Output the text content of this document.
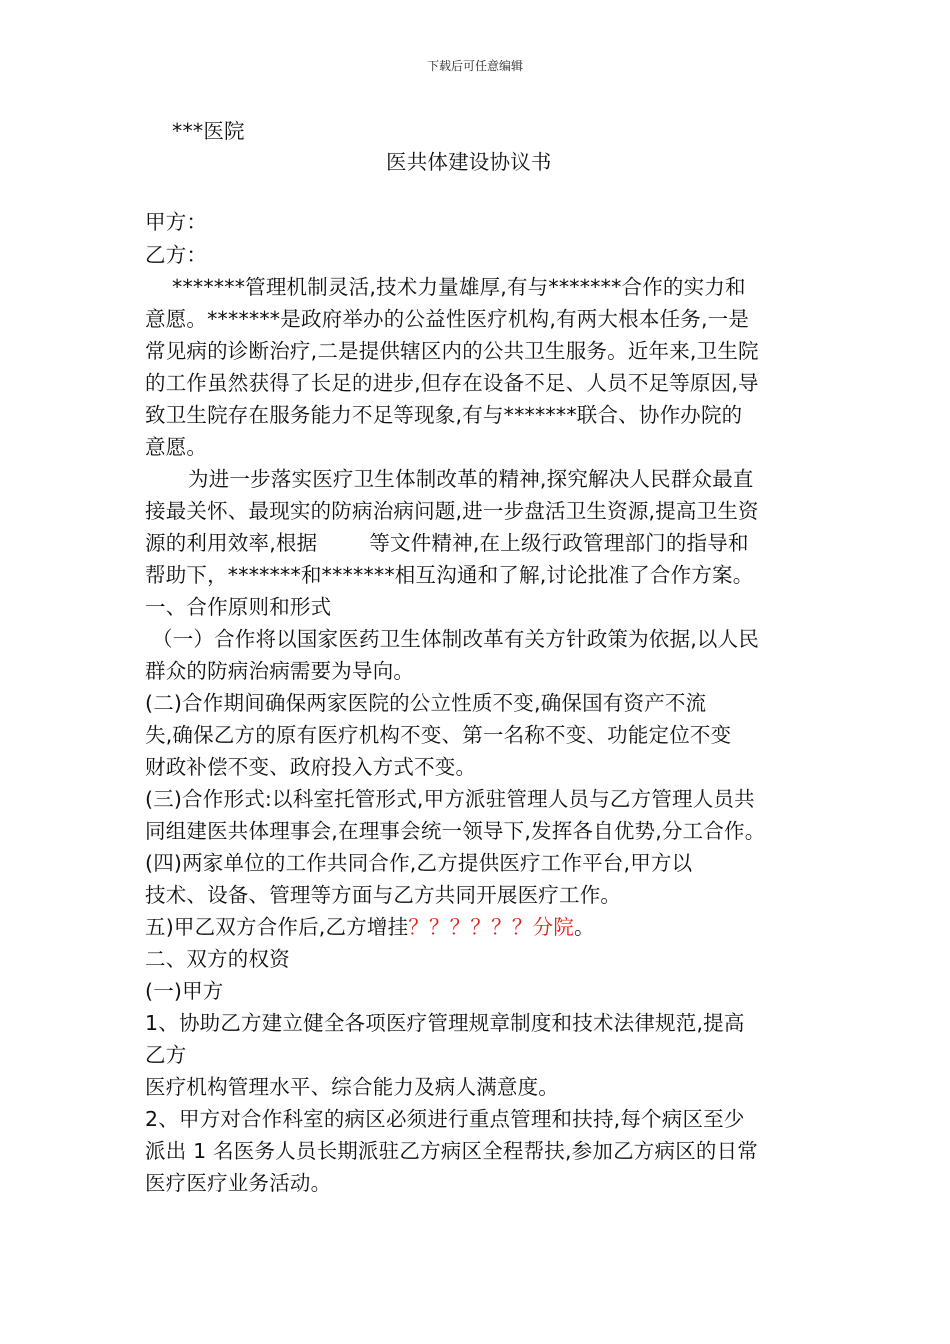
下载后可任意编辑
***医院
医共体建设协议书
甲方：
乙方：
*******管理机制灵活,技术力量雄厚,有与*******合作的实力和
意愿。*******是政府举办的公益性医疗机构,有两大根本任务,一是
常见病的诊断治疗,二是提供辖区内的公共卫生服务。近年来,卫生院
的工作虽然获得了长足的进步,但存在设备不足、人员不足等原因,导
致卫生院存在服务能力不足等现象,有与*******联合、协作办院的
意愿。
为进一步落实医疗卫生体制改革的精神,探究解决人民群众最直
接最关怀、最现实的防病治病问题,进一步盘活卫生资源,提高卫生资
源的利用效率,根据	等文件精神,在上级行政管理部门的指导和
帮助下，*******和*******相互沟通和了解,讨论批准了合作方案。
一、合作原则和形式
（一）合作将以国家医药卫生体制改革有关方针政策为依据,以人民
群众的防病治病需要为导向。
(二)合作期间确保两家医院的公立性质不变,确保国有资产不流
失,确保乙方的原有医疗机构不变、第一名称不变、功能定位不变
财政补偿不变、政府投入方式不变。
(三)合作形式:以科室托管形式,甲方派驻管理人员与乙方管理人员共
同组建医共体理事会,在理事会统一领导下,发挥各自优势,分工合作。
(四)两家单位的工作共同合作,乙方提供医疗工作平台,甲方以
技术、设备、管理等方面与乙方共同开展医疗工作。
五)甲乙双方合作后,乙方增挂？？？？？？分院。
二、双方的权资
(一)甲方
1、协助乙方建立健全各项医疗管理规章制度和技术法律规范,提高
乙方
医疗机构管理水平、综合能力及病人满意度。
2、甲方对合作科室的病区必须进行重点管理和扶持,每个病区至少
派出 1 名医务人员长期派驻乙方病区全程帮扶,参加乙方病区的日常
医疗医疗业务活动。
